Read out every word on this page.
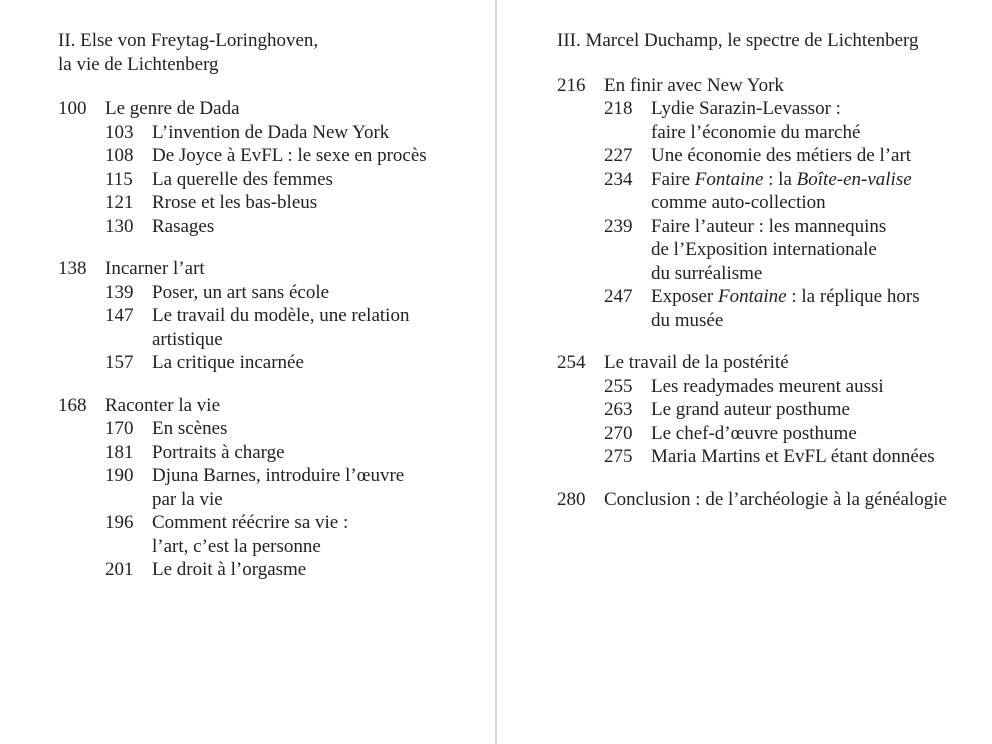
II. Else von Freytag-Loringhoven,
la vie de Lichtenberg
100 Le genre de Dada
103 L’invention de Dada New York
108 De Joyce à EvFL : le sexe en procès
115	La querelle des femmes
121 Rrose et les bas-bleus
130 Rasages
138 Incarner l’art
139 Poser, un art sans école
147 Le travail du modèle, une relation
artistique
157 La critique incarnée
168 Raconter la vie
170 En scènes
181 Portraits à charge
190 Djuna Barnes, introduire l’œuvre
par la vie
196 Comment réécrire sa vie :
l’art, c’est la personne
201 Le droit à l’orgasme
III. Marcel Duchamp, le spectre de Lichtenberg
216 En finir avec New York
218 Lydie Sarazin-Levassor :
faire l’économie du marché
227 Une économie des métiers de l’art
234 Faire Fontaine : la Boîte-en-valise
comme auto-collection
239 Faire l’auteur : les mannequins
de l’Exposition internationale
du surréalisme
247 Exposer Fontaine : la réplique hors
du musée
254 Le travail de la postérité
255 Les readymades meurent aussi
263 Le grand auteur posthume
270 Le chef-d’œuvre posthume
275 Maria Martins et EvFL étant données
280 Conclusion : de l’archéologie à la généalogie
